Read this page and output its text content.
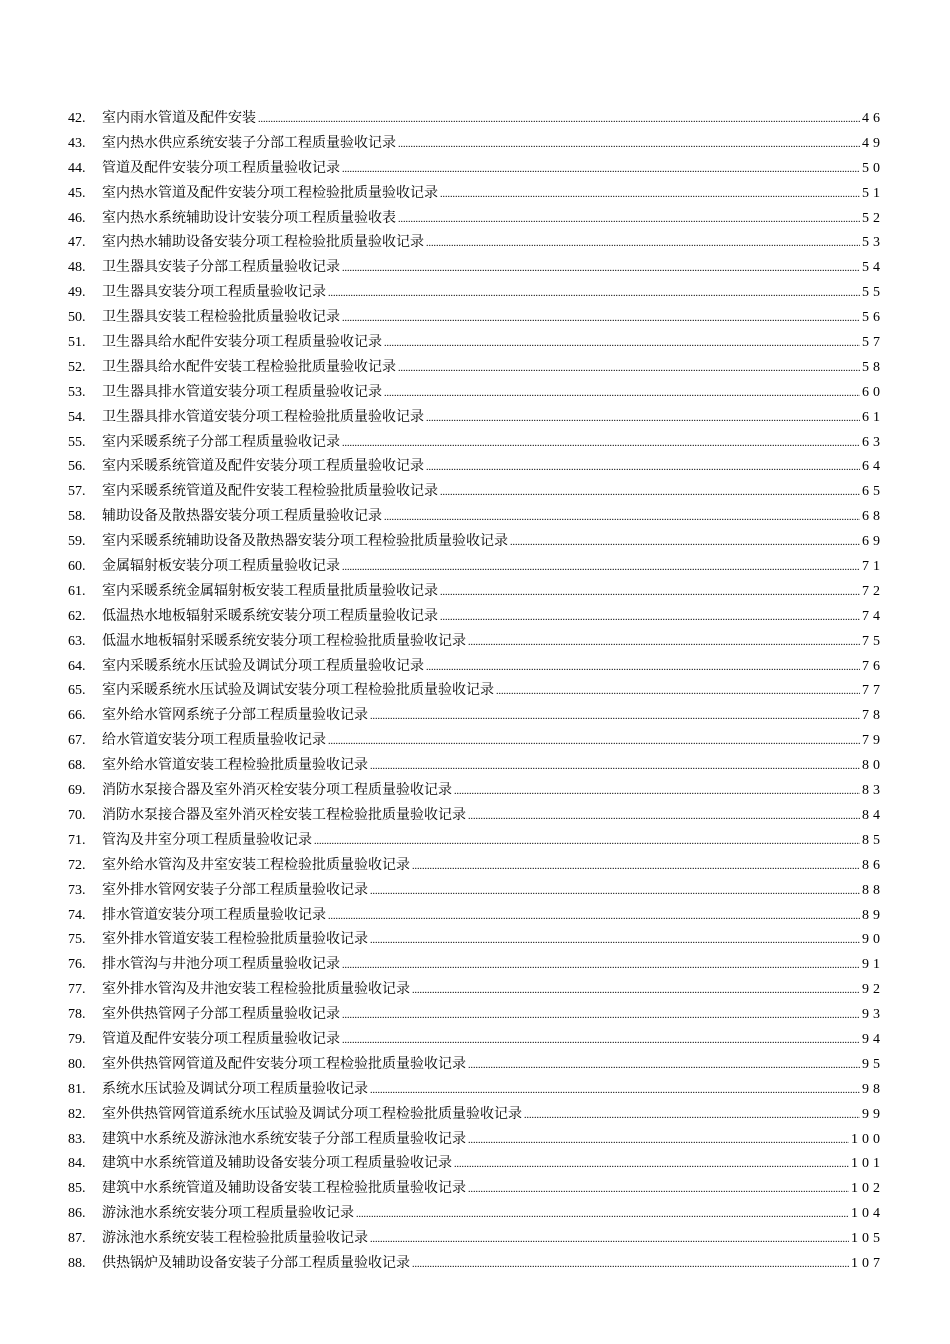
42.	室内雨水管道及配件安装 .....	46
43.	室内热水供应系统安装子分部工程质量验收记录 .....	49
44.	管道及配件安装分项工程质量验收记录 .....	50
45.	室内热水管道及配件安装分项工程检验批质量验收记录 .....	51
46.	室内热水系统辅助设计安装分项工程质量验收表 .....	52
47.	室内热水辅助设备安装分项工程检验批质量验收记录 .....	53
48.	卫生器具安装子分部工程质量验收记录 .....	54
49.	卫生器具安装分项工程质量验收记录 .....	55
50.	卫生器具安装工程检验批质量验收记录 .....	56
51.	卫生器具给水配件安装分项工程质量验收记录 .....	57
52.	卫生器具给水配件安装工程检验批质量验收记录 .....	58
53.	卫生器具排水管道安装分项工程质量验收记录 .....	60
54.	卫生器具排水管道安装分项工程检验批质量验收记录 .....	61
55.	室内采暖系统子分部工程质量验收记录 .....	63
56.	室内采暖系统管道及配件安装分项工程质量验收记录 .....	64
57.	室内采暖系统管道及配件安装工程检验批质量验收记录 .....	65
58.	辅助设备及散热器安装分项工程质量验收记录 .....	68
59.	室内采暖系统辅助设备及散热器安装分项工程检验批质量验收记录 .....	69
60.	金属辐射板安装分项工程质量验收记录 .....	71
61.	室内采暖系统金属辐射板安装工程质量批质量验收记录 .....	72
62.	低温热水地板辐射采暖系统安装分项工程质量验收记录 .....	74
63.	低温水地板辐射采暖系统安装分项工程检验批质量验收记录 .....	75
64.	室内采暖系统水压试验及调试分项工程质量验收记录 .....	76
65.	室内采暖系统水压试验及调试安装分项工程检验批质量验收记录 .....	77
66.	室外给水管网系统子分部工程质量验收记录 .....	78
67.	给水管道安装分项工程质量验收记录 .....	79
68.	室外给水管道安装工程检验批质量验收记录 .....	80
69.	消防水泵接合器及室外消灭栓安装分项工程质量验收记录 .....	83
70.	消防水泵接合器及室外消灭栓安装工程检验批质量验收记录 .....	84
71.	管沟及井室分项工程质量验收记录 .....	85
72.	室外给水管沟及井室安装工程检验批质量验收记录 .....	86
73.	室外排水管网安装子分部工程质量验收记录 .....	88
74.	排水管道安装分项工程质量验收记录 .....	89
75.	室外排水管道安装工程检验批质量验收记录 .....	90
76.	排水管沟与井池分项工程质量验收记录 .....	91
77.	室外排水管沟及井池安装工程检验批质量验收记录 .....	92
78.	室外供热管网子分部工程质量验收记录 .....	93
79.	管道及配件安装分项工程质量验收记录 .....	94
80.	室外供热管网管道及配件安装分项工程检验批质量验收记录 .....	95
81.	系统水压试验及调试分项工程质量验收记录 .....	98
82.	室外供热管网管道系统水压试验及调试分项工程检验批质量验收记录 .....	99
83.	建筑中水系统及游泳池水系统安装子分部工程质量验收记录 .....	100
84.	建筑中水系统管道及辅助设备安装分项工程质量验收记录 .....	101
85.	建筑中水系统管道及辅助设备安装工程检验批质量验收记录 .....	102
86.	游泳池水系统安装分项工程质量验收记录 .....	104
87.	游泳池水系统安装工程检验批质量验收记录 .....	105
88.	供热锅炉及辅助设备安装子分部工程质量验收记录 .....	107
